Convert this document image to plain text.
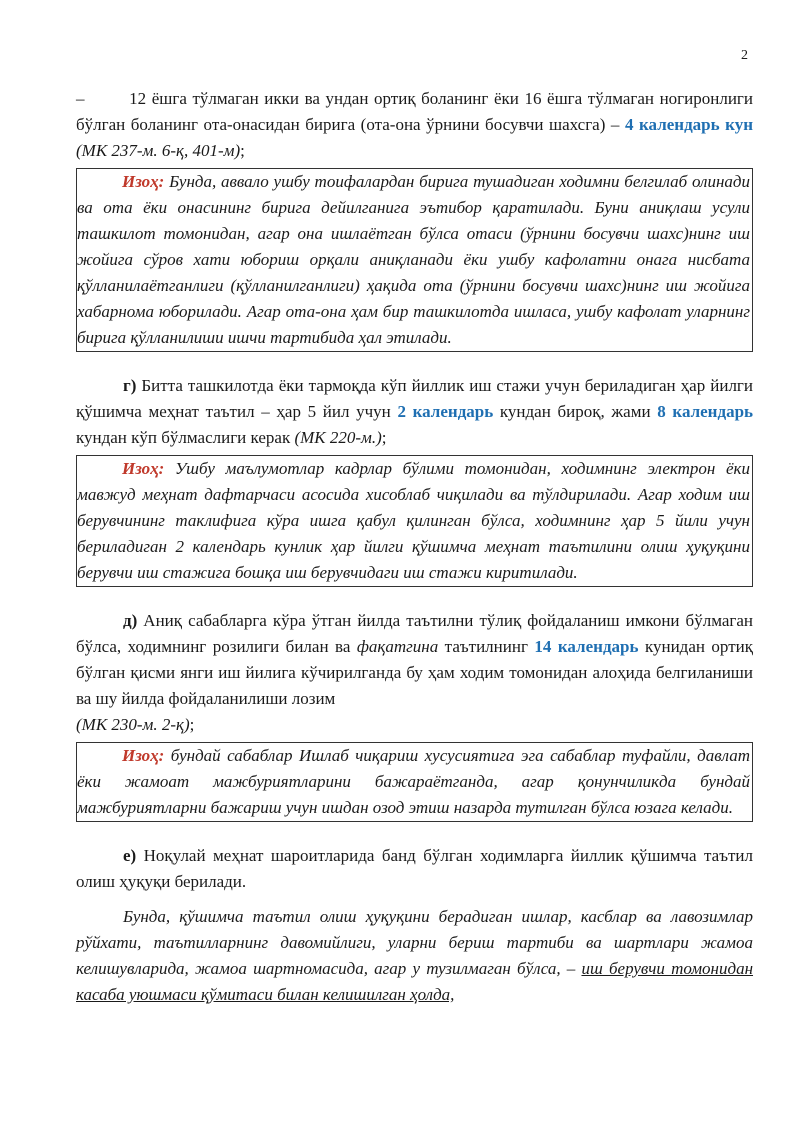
2

–        12 ёшга тўлмаган икки ва ундан ортиқ боланинг ёки 16 ёшга тўлмаган ногиронлиги бўлган боланинг ота-онасидан бирига (ота-она ўрнини босувчи шахсга) – 4 календарь кун (МК 237-м. 6-қ, 401-м);

Изоҳ: Бунда, аввало ушбу тоифалардан бирига тушадиган ходимни белгилаб олинади ва ота ёки онасининг бирига дейилганига эътибор қаратилади. Буни аниқлаш усули ташкилот томонидан, агар она ишлаётган бўлса отаси (ўрнини босувчи шахс)нинг иш жойига сўров хати юбориш орқали аниқланади ёки ушбу кафолатни онага нисбата қўлланилаётганлиги (қўлланилганлиги) ҳақида ота (ўрнини босувчи шахс)нинг иш жойига хабарнома юборилади. Агар ота-она ҳам бир ташкилотда ишласа, ушбу кафолат уларнинг бирига қўлланилиши ишчи тартибида ҳал этилади.

г) Битта ташкилотда ёки тармоқда кўп йиллик иш стажи учун бериладиган ҳар йилги қўшимча меҳнат таътил – ҳар 5 йил учун 2 календарь кундан бироқ, жами 8 календарь кундан кўп бўлмаслиги керак (МК 220-м.);

Изоҳ: Ушбу маълумотлар кадрлар бўлими томонидан, ходимнинг электрон ёки мавжуд меҳнат дафтарчаси асосида хисоблаб чиқилади ва тўлдирилади. Агар ходим иш берувчининг таклифига кўра ишга қабул қилинган бўлса, ходимнинг ҳар 5 йили учун бериладиган 2 календарь кунлик ҳар йилги қўшимча меҳнат таътилини олиш ҳуқуқини берувчи иш стажига бошқа иш берувчидаги иш стажи киритилади.

д) Аниқ сабабларга кўра ўтган йилда таътилни тўлиқ фойдаланиш имкони бўлмаган бўлса, ходимнинг розилиги билан ва фақатгина таътилнинг 14 календарь кунидан ортиқ бўлган қисми янги иш йилига кўчирилганда бу ҳам ходим томонидан алоҳида белгиланиши ва шу йилда фойдаланилиши лозим

(МК 230-м. 2-қ);

Изоҳ: бундай сабаблар Ишлаб чиқариш хусусиятига эга сабаблар туфайли, давлат ёки жамоат мажбуриятларини бажараётганда, агар қонунчиликда бундай мажбуриятларни бажариш учун ишдан озод этиш назарда тутилган бўлса юзага келади.

е) Ноқулай меҳнат шароитларида банд бўлган ходимларга йиллик қўшимча таътил олиш ҳуқуқи берилади.

Бунда, қўшимча таътил олиш ҳуқуқини берадиган ишлар, касблар ва лавозимлар рўйхати, таътилларнинг давомийлиги, уларни бериш тартиби ва шартлари жамоа келишувларида, жамоа шартномасида, агар у тузилмаган бўлса, – иш берувчи томонидан касаба уюшмаси қўмитаси билан келишилган ҳолда,
